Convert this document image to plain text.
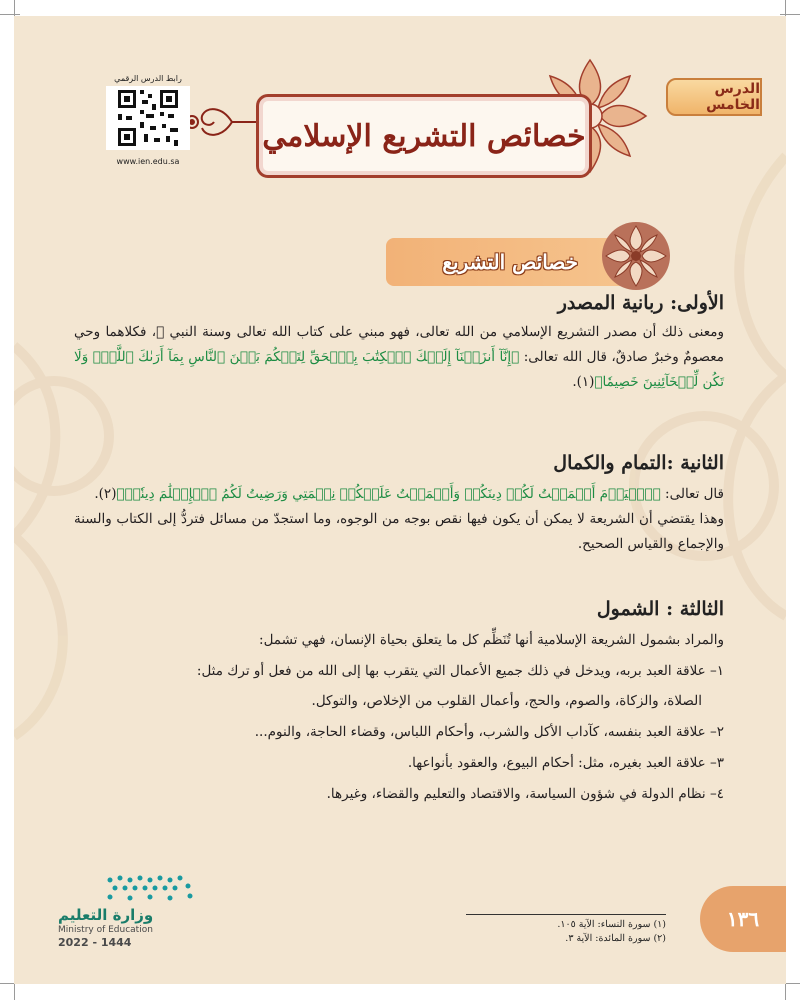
الدرس الخامس
خصائص التشريع الإسلامي
رابط الدرس الرقمي
www.ien.edu.sa
خصائص التشريع
الأولى: ربانية المصدر

ومعنى ذلك أن مصدر التشريع الإسلامي من الله تعالى، فهو مبني على كتاب الله تعالى وسنة النبي ﷺ، فكلاهما وحي معصومٌ وخبرٌ صادقٌ، قال الله تعالى: ﴿إِنَّآ أَنزَلۡنَآ إِلَيۡكَ ٱلۡكِتَٰبَ بِٱلۡحَقِّ لِتَحۡكُمَ بَيۡنَ ٱلنَّاسِ بِمَآ أَرَىٰكَ ٱللَّهُۚ وَلَا تَكُن لِّلۡخَآئِنِينَ خَصِيمٗا﴾(١).

الثانية :التمام والكمال

قال تعالى: ﴿ٱلۡيَوۡمَ أَكۡمَلۡتُ لَكُمۡ دِينَكُمۡ وَأَتۡمَمۡتُ عَلَيۡكُمۡ نِعۡمَتِي وَرَضِيتُ لَكُمُ ٱلۡإِسۡلَٰمَ دِينٗاۚ﴾(٢).

وهذا يقتضي أن الشريعة لا يمكن أن يكون فيها نقص بوجه من الوجوه، وما استجدّ من مسائل فتردُّ إلى الكتاب والسنة والإجماع والقياس الصحيح.

الثالثة : الشمول

والمراد بشمول الشريعة الإسلامية أنها تُنَظِّم كل ما يتعلق بحياة الإنسان، فهي تشمل:

١– علاقة العبد بربه، ويدخل في ذلك جميع الأعمال التي يتقرب بها إلى الله من فعل أو ترك مثل:
الصلاة، والزكاة، والصوم، والحج، وأعمال القلوب من الإخلاص، والتوكل.
٢– علاقة العبد بنفسه، كآداب الأكل والشرب، وأحكام اللباس، وقضاء الحاجة، والنوم...
٣– علاقة العبد بغيره، مثل: أحكام البيوع، والعقود بأنواعها.
٤– نظام الدولة في شؤون السياسة، والاقتصاد والتعليم والقضاء، وغيرها.
(١) سورة النساء: الآية ١٠٥.
(٢) سورة المائدة: الآية ٣.
١٣٦
وزارة التعليم
Ministry of Education
2022 - 1444
